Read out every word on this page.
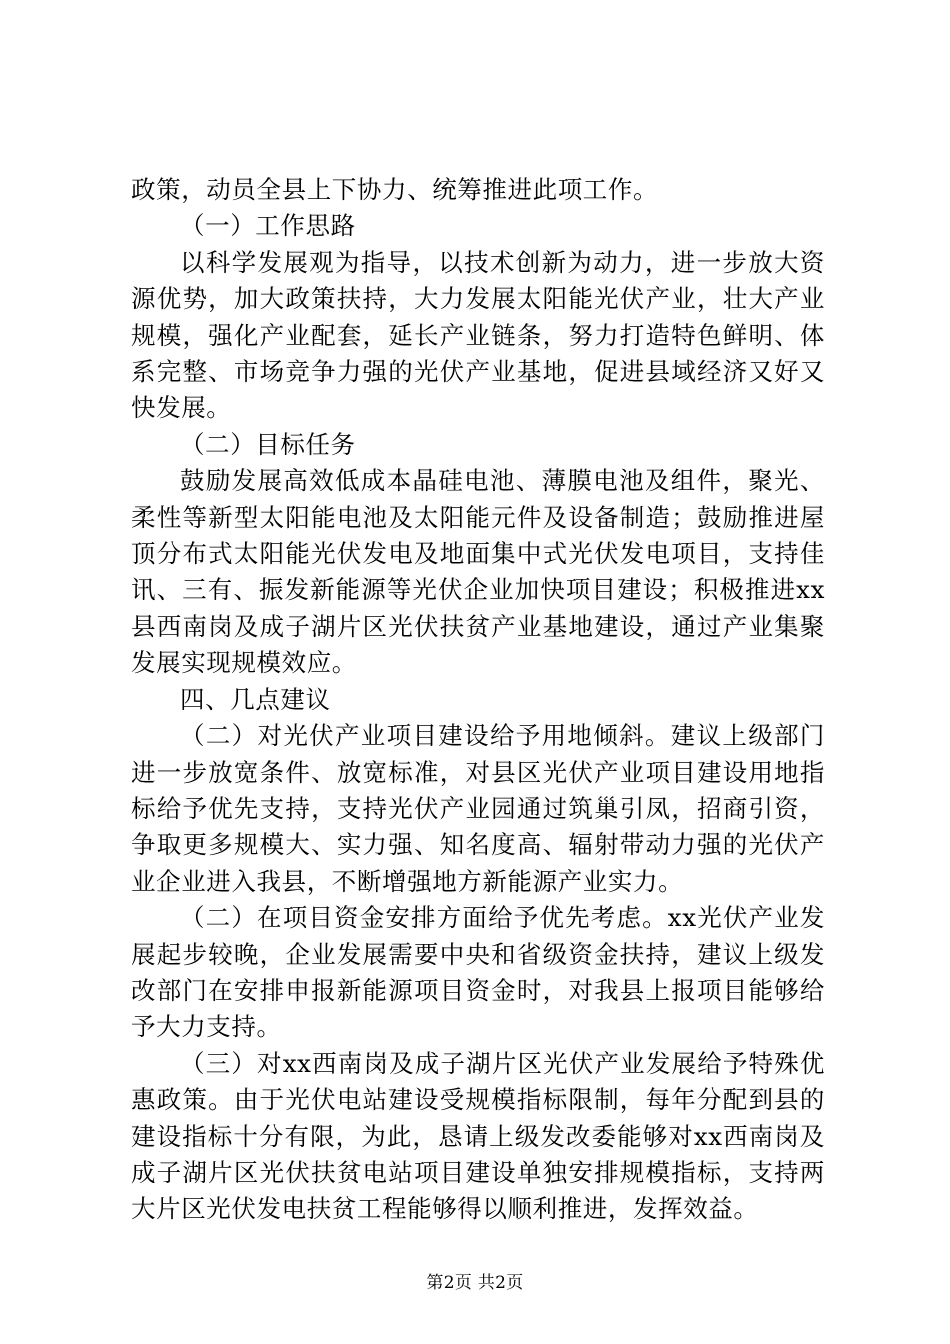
政策，动员全县上下协力、统筹推进此项工作。

（一）工作思路

以科学发展观为指导，以技术创新为动力，进一步放大资源优势，加大政策扶持，大力发展太阳能光伏产业，壮大产业规模，强化产业配套，延长产业链条，努力打造特色鲜明、体系完整、市场竞争力强的光伏产业基地，促进县域经济又好又快发展。

（二）目标任务

鼓励发展高效低成本晶硅电池、薄膜电池及组件，聚光、柔性等新型太阳能电池及太阳能元件及设备制造；鼓励推进屋顶分布式太阳能光伏发电及地面集中式光伏发电项目，支持佳讯、三有、振发新能源等光伏企业加快项目建设；积极推进xx县西南岗及成子湖片区光伏扶贫产业基地建设，通过产业集聚发展实现规模效应。

四、几点建议

（二）对光伏产业项目建设给予用地倾斜。建议上级部门进一步放宽条件、放宽标准，对县区光伏产业项目建设用地指标给予优先支持，支持光伏产业园通过筑巢引凤，招商引资，争取更多规模大、实力强、知名度高、辐射带动力强的光伏产业企业进入我县，不断增强地方新能源产业实力。

（二）在项目资金安排方面给予优先考虑。xx光伏产业发展起步较晚，企业发展需要中央和省级资金扶持，建议上级发改部门在安排申报新能源项目资金时，对我县上报项目能够给予大力支持。

（三）对xx西南岗及成子湖片区光伏产业发展给予特殊优惠政策。由于光伏电站建设受规模指标限制，每年分配到县的建设指标十分有限，为此，恳请上级发改委能够对xx西南岗及成子湖片区光伏扶贫电站项目建设单独安排规模指标，支持两大片区光伏发电扶贫工程能够得以顺利推进，发挥效益。

第2页 共2页
